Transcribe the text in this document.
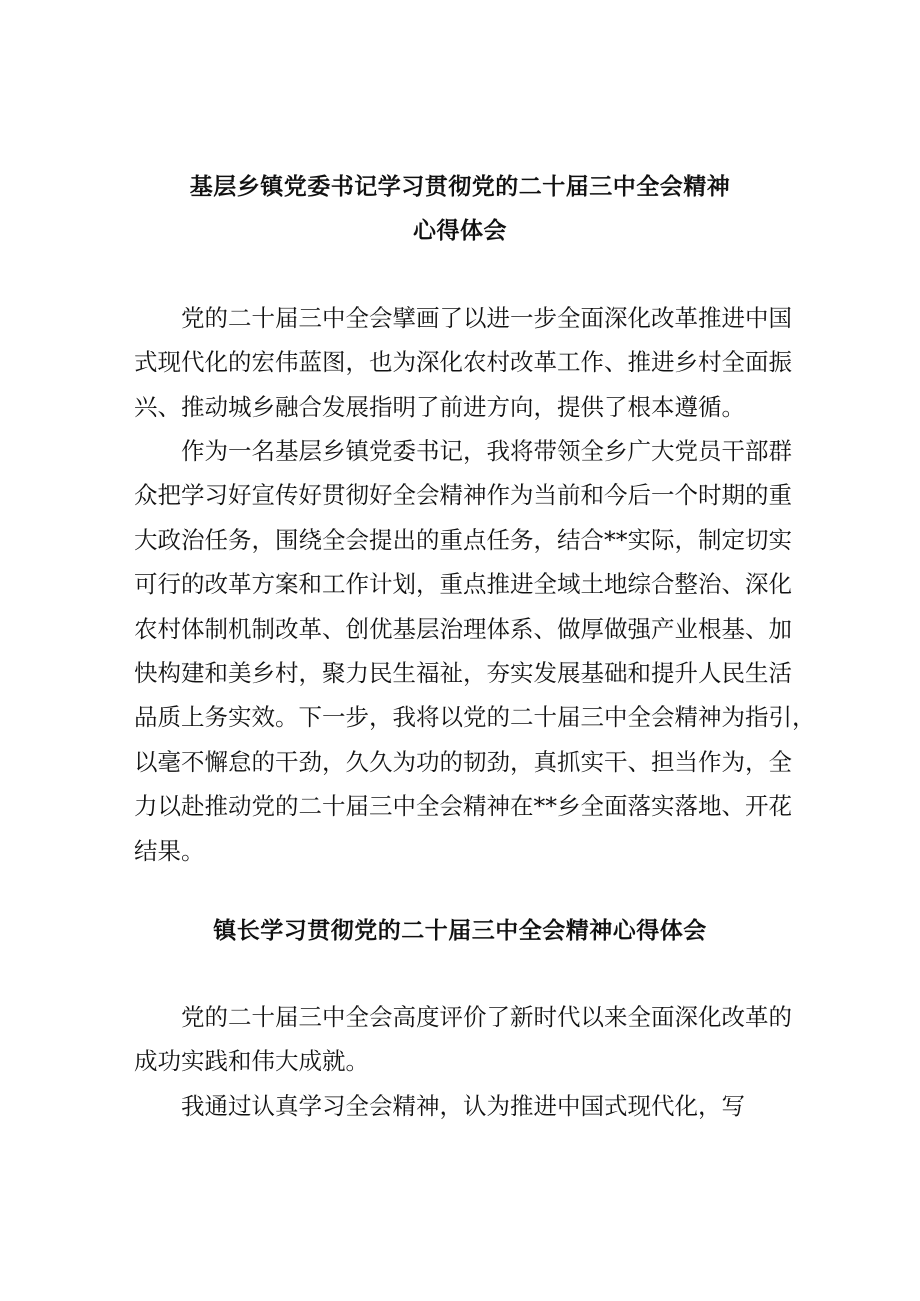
基层乡镇党委书记学习贯彻党的二十届三中全会精神
心得体会
党的二十届三中全会擘画了以进一步全面深化改革推进中国
式现代化的宏伟蓝图，也为深化农村改革工作、推进乡村全面振
兴、推动城乡融合发展指明了前进方向，提供了根本遵循。
作为一名基层乡镇党委书记，我将带领全乡广大党员干部群
众把学习好宣传好贯彻好全会精神作为当前和今后一个时期的重
大政治任务，围绕全会提出的重点任务，结合**实际，制定切实
可行的改革方案和工作计划，重点推进全域土地综合整治、深化
农村体制机制改革、创优基层治理体系、做厚做强产业根基、加
快构建和美乡村，聚力民生福祉，夯实发展基础和提升人民生活
品质上务实效。下一步，我将以党的二十届三中全会精神为指引，
以毫不懈怠的干劲，久久为功的韧劲，真抓实干、担当作为，全
力以赴推动党的二十届三中全会精神在**乡全面落实落地、开花
结果。
镇长学习贯彻党的二十届三中全会精神心得体会
党的二十届三中全会高度评价了新时代以来全面深化改革的
成功实践和伟大成就。
我通过认真学习全会精神，认为推进中国式现代化，写
